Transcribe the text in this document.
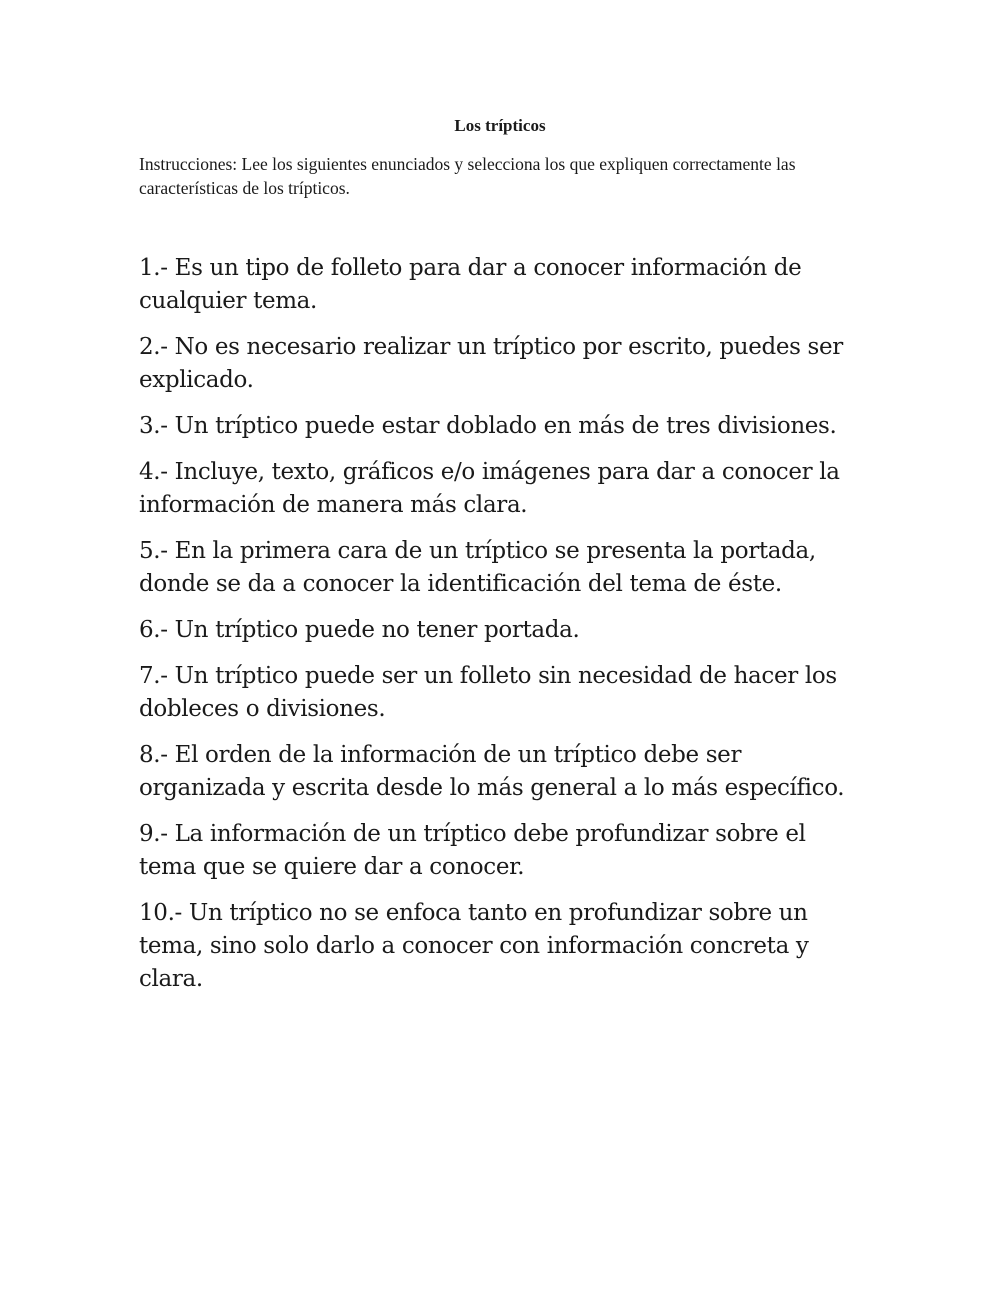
Los trípticos

Instrucciones: Lee los siguientes enunciados y selecciona los que expliquen correctamente las características de los trípticos.

1.- Es un tipo de folleto para dar a conocer información de cualquier tema.
2.- No es necesario realizar un tríptico por escrito, puedes ser explicado.
3.- Un tríptico puede estar doblado en más de tres divisiones.
4.- Incluye, texto, gráficos e/o imágenes para dar a conocer la información de manera más clara.
5.- En la primera cara de un tríptico se presenta la portada, donde se da a conocer la identificación del tema de éste.
6.- Un tríptico puede no tener portada.
7.- Un tríptico puede ser un folleto sin necesidad de hacer los dobleces o divisiones.
8.- El orden de la información de un tríptico debe ser organizada y escrita desde lo más general a lo más específico.
9.- La información de un tríptico debe profundizar sobre el tema que se quiere dar a conocer.
10.- Un tríptico no se enfoca tanto en profundizar sobre un tema, sino solo darlo a conocer con información concreta y clara.
